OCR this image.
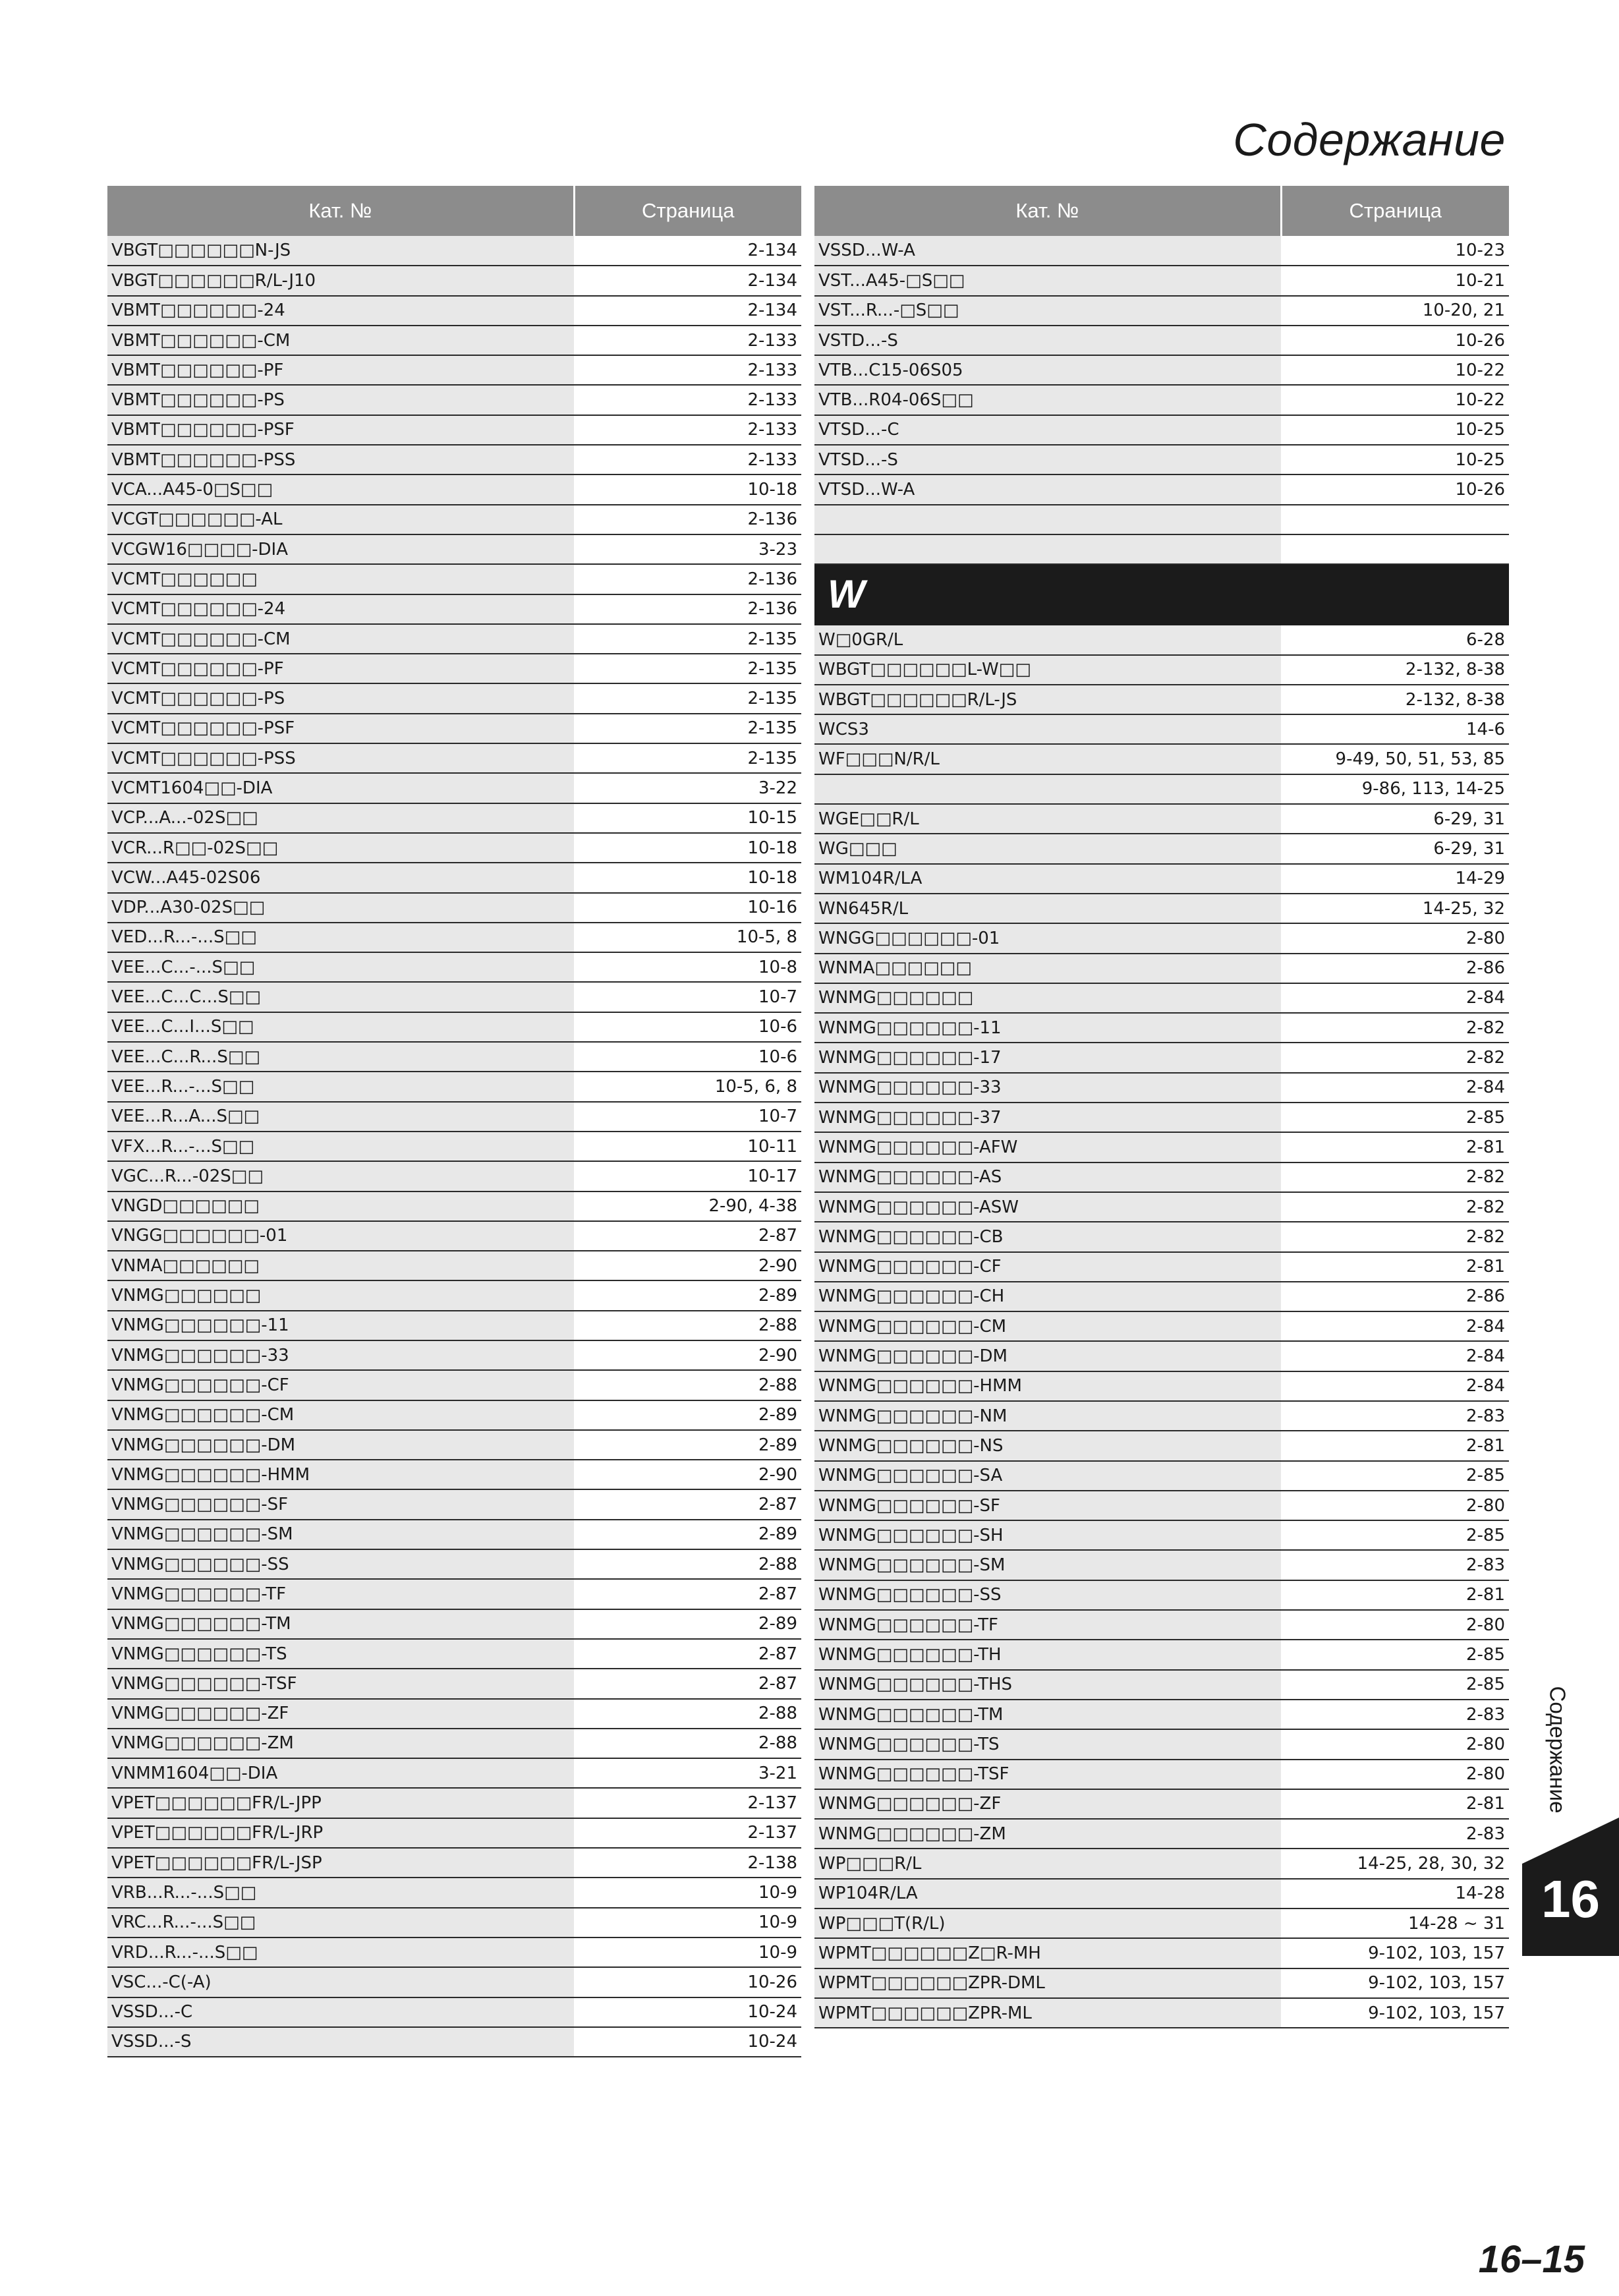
Содержание
Кат. №	Страница
VBGT□□□□□□N-JS	2-134
VBGT□□□□□□R/L-J10	2-134
VBMT□□□□□□-24	2-134
VBMT□□□□□□-CM	2-133
VBMT□□□□□□-PF	2-133
VBMT□□□□□□-PS	2-133
VBMT□□□□□□-PSF	2-133
VBMT□□□□□□-PSS	2-133
VCA...A45-0□S□□	10-18
VCGT□□□□□□-AL	2-136
VCGW16□□□□-DIA	3-23
VCMT□□□□□□	2-136
VCMT□□□□□□-24	2-136
VCMT□□□□□□-CM	2-135
VCMT□□□□□□-PF	2-135
VCMT□□□□□□-PS	2-135
VCMT□□□□□□-PSF	2-135
VCMT□□□□□□-PSS	2-135
VCMT1604□□-DIA	3-22
VCP...A...-02S□□	10-15
VCR...R□□-02S□□	10-18
VCW...A45-02S06	10-18
VDP...A30-02S□□	10-16
VED...R...-...S□□	10-5, 8
VEE...C...-...S□□	10-8
VEE...C...C...S□□	10-7
VEE...C...I...S□□	10-6
VEE...C...R...S□□	10-6
VEE...R...-...S□□	10-5, 6, 8
VEE...R...A...S□□	10-7
VFX...R...-...S□□	10-11
VGC...R...-02S□□	10-17
VNGD□□□□□□	2-90, 4-38
VNGG□□□□□□-01	2-87
VNMA□□□□□□	2-90
VNMG□□□□□□	2-89
VNMG□□□□□□-11	2-88
VNMG□□□□□□-33	2-90
VNMG□□□□□□-CF	2-88
VNMG□□□□□□-CM	2-89
VNMG□□□□□□-DM	2-89
VNMG□□□□□□-HMM	2-90
VNMG□□□□□□-SF	2-87
VNMG□□□□□□-SM	2-89
VNMG□□□□□□-SS	2-88
VNMG□□□□□□-TF	2-87
VNMG□□□□□□-TM	2-89
VNMG□□□□□□-TS	2-87
VNMG□□□□□□-TSF	2-87
VNMG□□□□□□-ZF	2-88
VNMG□□□□□□-ZM	2-88
VNMM1604□□-DIA	3-21
VPET□□□□□□FR/L-JPP	2-137
VPET□□□□□□FR/L-JRP	2-137
VPET□□□□□□FR/L-JSP	2-138
VRB...R...-...S□□	10-9
VRC...R...-...S□□	10-9
VRD...R...-...S□□	10-9
VSC...-C(-A)	10-26
VSSD...-C	10-24
VSSD...-S	10-24
Кат. №	Страница
VSSD...W-A	10-23
VST...A45-□S□□	10-21
VST...R...-□S□□	10-20, 21
VSTD...-S	10-26
VTB...C15-06S05	10-22
VTB...R04-06S□□	10-22
VTSD...-C	10-25
VTSD...-S	10-25
VTSD...W-A	10-26

W	
W□0GR/L	6-28
WBGT□□□□□□L-W□□	2-132, 8-38
WBGT□□□□□□R/L-JS	2-132, 8-38
WCS3	14-6
WF□□□N/R/L	9-49, 50, 51, 53, 85
	9-86, 113, 14-25
WGE□□R/L	6-29, 31
WG□□□	6-29, 31
WM104R/LA	14-29
WN645R/L	14-25, 32
WNGG□□□□□□-01	2-80
WNMA□□□□□□	2-86
WNMG□□□□□□	2-84
WNMG□□□□□□-11	2-82
WNMG□□□□□□-17	2-82
WNMG□□□□□□-33	2-84
WNMG□□□□□□-37	2-85
WNMG□□□□□□-AFW	2-81
WNMG□□□□□□-AS	2-82
WNMG□□□□□□-ASW	2-82
WNMG□□□□□□-CB	2-82
WNMG□□□□□□-CF	2-81
WNMG□□□□□□-CH	2-86
WNMG□□□□□□-CM	2-84
WNMG□□□□□□-DM	2-84
WNMG□□□□□□-HMM	2-84
WNMG□□□□□□-NM	2-83
WNMG□□□□□□-NS	2-81
WNMG□□□□□□-SA	2-85
WNMG□□□□□□-SF	2-80
WNMG□□□□□□-SH	2-85
WNMG□□□□□□-SM	2-83
WNMG□□□□□□-SS	2-81
WNMG□□□□□□-TF	2-80
WNMG□□□□□□-TH	2-85
WNMG□□□□□□-THS	2-85
WNMG□□□□□□-TM	2-83
WNMG□□□□□□-TS	2-80
WNMG□□□□□□-TSF	2-80
WNMG□□□□□□-ZF	2-81
WNMG□□□□□□-ZM	2-83
WP□□□R/L	14-25, 28, 30, 32
WP104R/LA	14-28
WP□□□T(R/L)	14-28 ~ 31
WPMT□□□□□□Z□R-MH	9-102, 103, 157
WPMT□□□□□□ZPR-DML	9-102, 103, 157
WPMT□□□□□□ZPR-ML	9-102, 103, 157
Содержание
16
16–15
